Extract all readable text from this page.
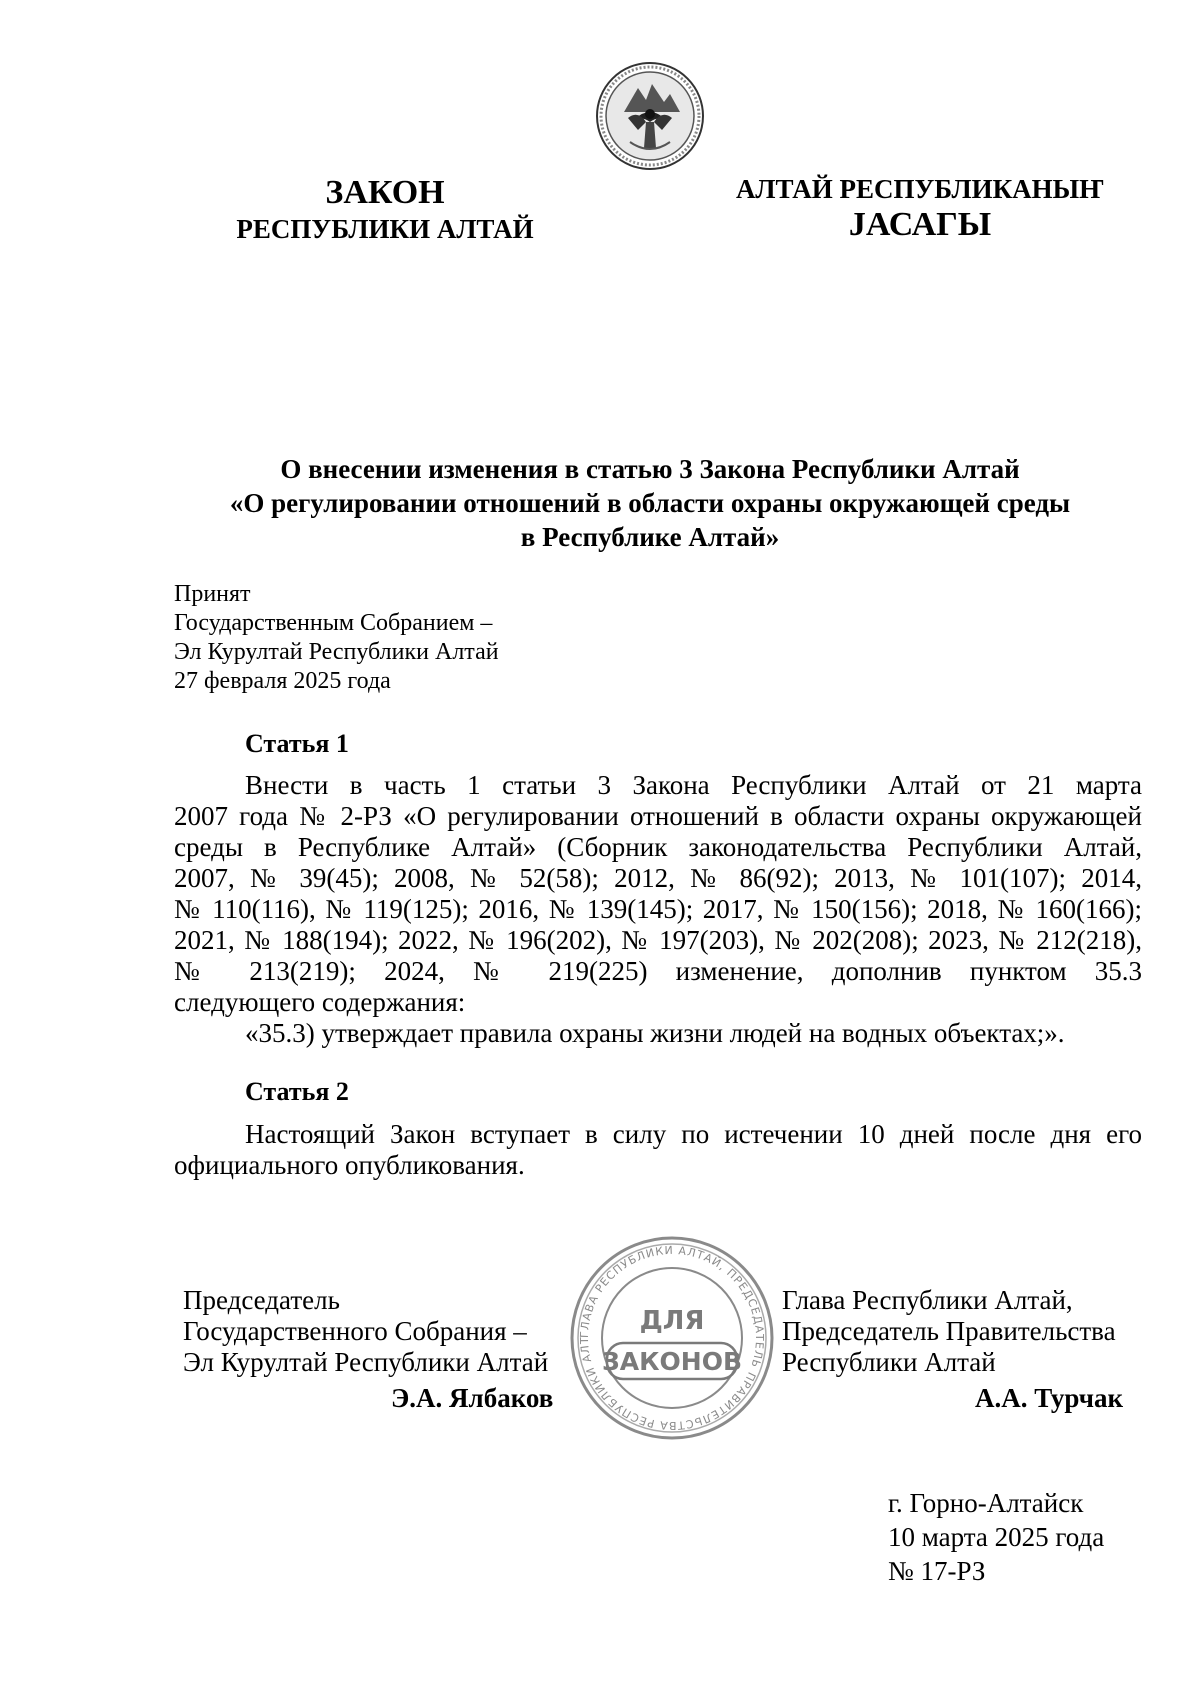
ЗАКОН
РЕСПУБЛИКИ АЛТАЙ
АЛТАЙ РЕСПУБЛИКАНЫҤ
JАСАГЫ
О внесении изменения в статью 3 Закона Республики Алтай
«О регулировании отношений в области охраны окружающей среды
в Республике Алтай»
Принят
Государственным Собранием –
Эл Курултай Республики Алтай
27 февраля 2025 года
Статья 1
Внести в часть 1 статьи 3 Закона Республики Алтай от 21 марта
2007 года № 2-РЗ «О регулировании отношений в области охраны окружающей
среды в Республике Алтай» (Сборник законодательства Республики Алтай,
2007, № 39(45); 2008, № 52(58); 2012, № 86(92); 2013, № 101(107); 2014,
№ 110(116), № 119(125); 2016, № 139(145); 2017, № 150(156); 2018, № 160(166);
2021, № 188(194); 2022, № 196(202), № 197(203), № 202(208); 2023, № 212(218),
№ 213(219); 2024, № 219(225) изменение, дополнив пунктом 35.3
следующего содержания:
«35.3) утверждает правила охраны жизни людей на водных объектах;».
Статья 2
Настоящий Закон вступает в силу по истечении 10 дней после дня его
официального опубликования.
ГЛАВА РЕСПУБЛИКИ АЛТАЙ, ПРЕДСЕДАТЕЛЬ ПРАВИТЕЛЬСТВА РЕСПУБЛИКИ АЛТ
ДЛЯ
ЗАКОНОВ
Председатель
Государственного Собрания –
Эл Курултай Республики Алтай
Э.А. Ялбаков
Глава Республики Алтай,
Председатель Правительства
Республики Алтай
А.А. Турчак
г. Горно-Алтайск
10 марта 2025 года
№ 17-РЗ
